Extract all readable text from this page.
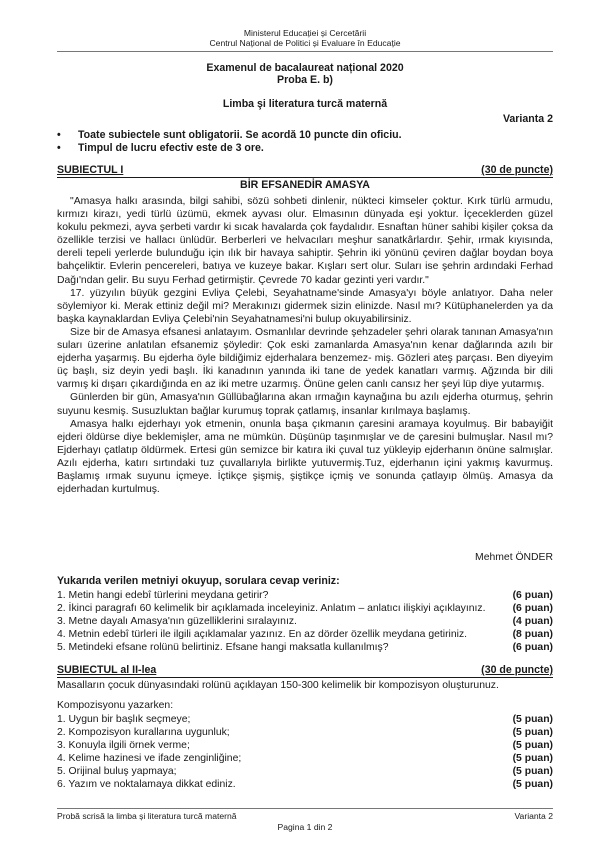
Ministerul Educației și Cercetării
Centrul Național de Politici și Evaluare în Educație
Examenul de bacalaureat național 2020
Proba E. b)
Limba şi literatura turcă maternă
Varianta 2
•	Toate subiectele sunt obligatorii. Se acordă 10 puncte din oficiu.
•	Timpul de lucru efectiv este de 3 ore.
SUBIECTUL I	(30 de puncte)
BİR EFSANEDİR AMASYA

"Amasya halkı arasında, bilgi sahibi, sözü sohbeti dinlenir, nükteci kimseler çoktur. Kırk türlü armudu, kırmızı kirazı, yedi türlü üzümü, ekmek ayvası olur. Elmasının dünyada eşi yoktur. İçeceklerden güzel kokulu pekmezi, ayva şerbeti vardır ki sıcak havalarda çok faydalıdır. Esnaftan hüner sahibi kişiler çoksa da özellikle terzisi ve hallacı ünlüdür. Berberleri ve helvacıları meşhur sanatkârlardır. Şehir, ırmak kıyısında, dereli tepeli yerlerde bulunduğu için ılık bir havaya sahiptir. Şehrin iki yönünü çeviren dağlar boydan boya bahçeliktir. Evlerin pencereleri, batıya ve kuzeye bakar. Kışları sert olur. Suları ise şehrin ardındaki Ferhad Dağı'ndan gelir. Bu suyu Ferhad getirmiştir. Çevrede 70 kadar gezinti yeri vardır."

17. yüzyılın büyük gezgini Evliya Çelebi, Seyahatname'sinde Amasya'yı böyle anlatıyor. Daha neler söylemiyor ki. Merak ettiniz değil mi? Merakınızı gidermek sizin elinizde. Nasıl mı? Kütüphanelerden ya da başka kaynaklardan Evliya Çelebi'nin Seyahatnamesi'ni bulup okuyabilirsiniz.

Size bir de Amasya efsanesi anlatayım. Osmanlılar devrinde şehzadeler şehri olarak tanınan Amasya'nın suları üzerine anlatılan efsanemiz şöyledir: Çok eski zamanlarda Amasya'nın kenar dağlarında azılı bir ejderha yaşarmış. Bu ejderha öyle bildiğimiz ejderhalara benzemez- miş. Gözleri ateş parçası. Ben diyeyim üç başlı, siz deyin yedi başlı. İki kanadının yanında iki tane de yedek kanatları varmış. Ağzında bir dili varmış ki dışarı çıkardığında en az iki metre uzarmış. Önüne gelen canlı cansız her şeyi lüp diye yutarmış.

Günlerden bir gün, Amasya'nın Güllübağlarına akan ırmağın kaynağına bu azılı ejderha oturmuş, şehrin suyunu kesmiş. Susuzluktan bağlar kurumuş toprak çatlamış, insanlar kırılmaya başlamış.

Amasya halkı ejderhayı yok etmenin, onunla başa çıkmanın çaresini aramaya koyulmuş. Bir babayiğit ejderi öldürse diye beklemişler, ama ne mümkün. Düşünüp taşınmışlar ve de çaresini bulmuşlar. Nasıl mı? Ejderhayı çatlatıp öldürmek. Ertesi gün semizce bir katıra iki çuval tuz yükleyip ejderhanın önüne salmışlar. Azılı ejderha, katırı sırtındaki tuz çuvallarıyla birlikte yutuvermiş.Tuz, ejderhanın içini yakmış kavurmuş. Başlamış ırmak suyunu içmeye. İçtikçe şişmiş, şiştikçe içmiş ve sonunda çatlayıp ölmüş. Amasya da ejderhadan kurtulmuş.

Mehmet ÖNDER
Yukarıda verilen metniyi okuyup, sorulara cevap veriniz:
1. Metin hangi edebî türlerini meydana getirir?	(6 puan)
2. İkinci paragrafı 60 kelimelik bir açıklamada inceleyiniz. Anlatım – anlatıcı ilişkiyi açıklayınız.	(6 puan)
3. Metne dayalı Amasya'nın güzelliklerini sıralayınız.	(4 puan)
4. Metnin edebî türleri ile ilgili açıklamalar yazınız. En az dörder özellik meydana getiriniz.	(8 puan)
5. Metindeki efsane rolünü belirtiniz. Efsane hangi maksatla kullanılmış?	(6 puan)
SUBIECTUL al II-lea	(30 de puncte)
Masalların çocuk dünyasındaki rolünü açıklayan 150-300 kelimelik bir kompozisyon oluşturunuz.
Kompozisyonu yazarken:
1. Uygun bir başlık seçmeye;	(5 puan)
2. Kompozisyon kurallarına uygunluk;	(5 puan)
3. Konuyla ilgili örnek verme;	(5 puan)
4. Kelime hazinesi ve ifade zenginliğine;	(5 puan)
5. Orijinal buluş yapmaya;	(5 puan)
6. Yazım ve noktalamaya dikkat ediniz.	(5 puan)
Probă scrisă la limba și literatura turcă maternă	Varianta 2
Pagina 1 din 2
